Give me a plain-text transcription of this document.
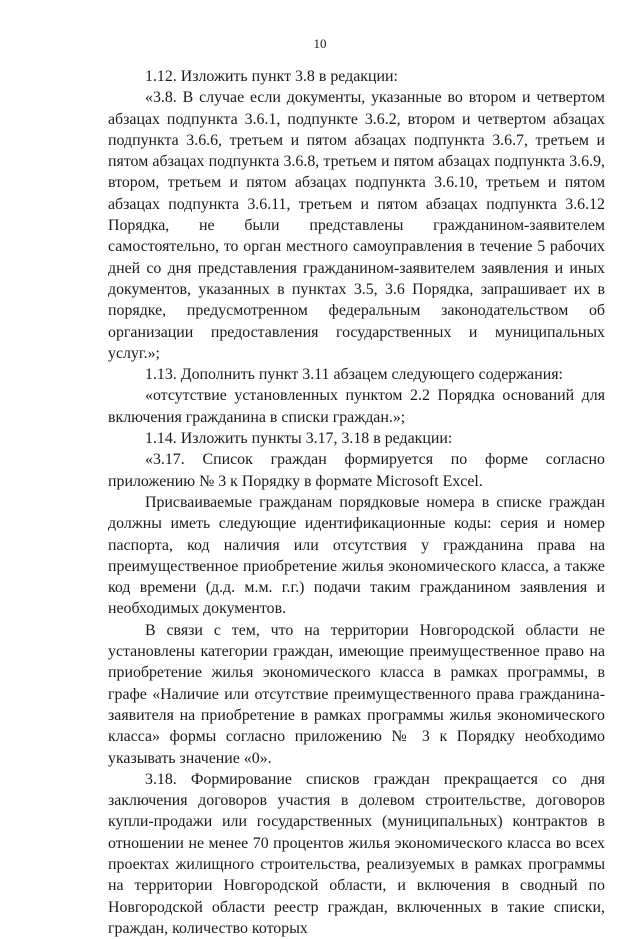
10

1.12. Изложить пункт 3.8 в редакции:

«3.8. В случае если документы, указанные во втором и четвертом абзацах подпункта 3.6.1, подпункте 3.6.2, втором и четвертом абзацах подпункта 3.6.6, третьем и пятом абзацах подпункта 3.6.7, третьем и пятом абзацах подпункта 3.6.8, третьем и пятом абзацах подпункта 3.6.9, втором, третьем и пятом абзацах подпункта 3.6.10, третьем и пятом абзацах подпункта 3.6.11, третьем и пятом абзацах подпункта 3.6.12 Порядка, не были представлены гражданином-заявителем самостоятельно, то орган местного самоуправления в течение 5 рабочих дней со дня представления гражданином-заявителем заявления и иных документов, указанных в пунктах 3.5, 3.6 Порядка, запрашивает их в порядке, предусмотренном федеральным законодательством об организации предоставления государственных и муниципальных услуг.»;

1.13. Дополнить пункт 3.11 абзацем следующего содержания:

«отсутствие установленных пунктом 2.2 Порядка оснований для включения гражданина в списки граждан.»;

1.14. Изложить пункты 3.17, 3.18 в редакции:

«3.17. Список граждан формируется по форме согласно приложению № 3 к Порядку в формате Microsoft Excel.

Присваиваемые гражданам порядковые номера в списке граждан должны иметь следующие идентификационные коды: серия и номер паспорта, код наличия или отсутствия у гражданина права на преимущественное приобретение жилья экономического класса, а также код времени (д.д. м.м. г.г.) подачи таким гражданином заявления и необходимых документов.

В связи с тем, что на территории Новгородской области не установлены категории граждан, имеющие преимущественное право на приобретение жилья экономического класса в рамках программы, в графе «Наличие или отсутствие преимущественного права гражданина-заявителя на приобретение в рамках программы жилья экономического класса» формы согласно приложению № 3 к Порядку необходимо указывать значение «0».

3.18. Формирование списков граждан прекращается со дня заключения договоров участия в долевом строительстве, договоров купли-продажи или государственных (муниципальных) контрактов в отношении не менее 70 процентов жилья экономического класса во всех проектах жилищного строительства, реализуемых в рамках программы на территории Новгородской области, и включения в сводный по Новгородской области реестр граждан, включенных в такие списки, граждан, количество которых
